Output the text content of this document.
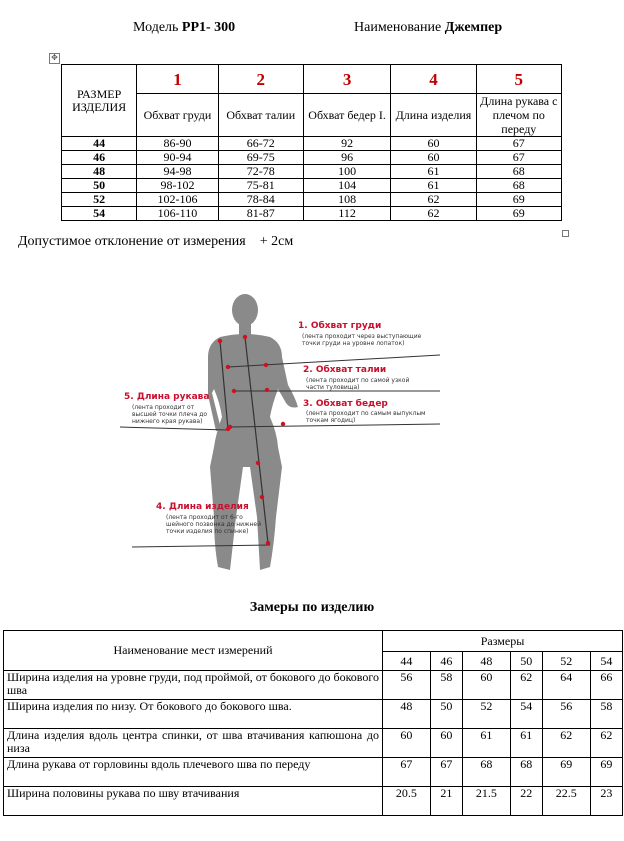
Модель РР1- 300	Наименование Джемпер
✥
РАЗМЕР ИЗДЕЛИЯ	1	2	3	4	5
	Обхват груди	Обхват талии	Обхват бедер I.	Длина изделия	Длина рукава с плечом по переду
44	86-90	66-72	92	60	67
46	90-94	69-75	96	60	67
48	94-98	72-78	100	61	68
50	98-102	75-81	104	61	68
52	102-106	78-84	108	62	69
54	106-110	81-87	112	62	69
Допустимое отклонение от измерения + 2см
1. Обхват груди
(лента проходит через выступающие
точки груди на уровне лопаток)
2. Обхват талии
(лента проходит по самой узкой
части туловища)
3. Обхват бедер
(лента проходит по самым выпуклым
точкам ягодиц)
5. Длина рукава
(лента проходит от
высшей точки плеча до
нижнего края рукава)
4. Длина изделия
(лента проходит от 6-го
шейного позвонка до нижней
точки изделия по спинке)
Замеры по изделию
Наименование мест измерений	Размеры					
	44	46	48	50	52	54
Ширина изделия на уровне груди, под проймой, от бокового до бокового шва	56	58	60	62	64	66
Ширина изделия по низу. От бокового до бокового шва.	48	50	52	54	56	58
Длина изделия вдоль центра спинки, от шва втачивания капюшона до низа	60	60	61	61	62	62
Длина рукава от горловины вдоль плечевого шва по переду	67	67	68	68	69	69
Ширина половины рукава по шву втачивания	20.5	21	21.5	22	22.5	23
